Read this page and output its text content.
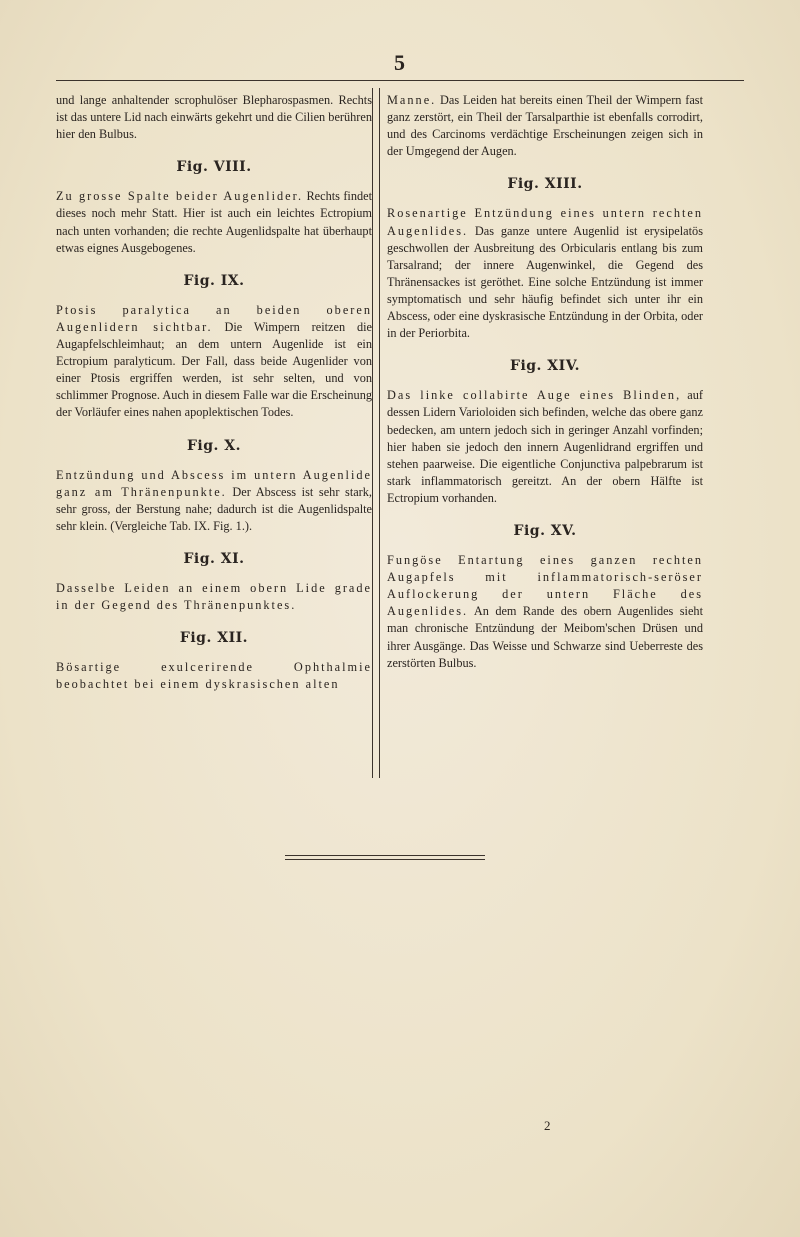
5

und lange anhaltender scrophulöser Blepharospasmen. Rechts ist das untere Lid nach einwärts gekehrt und die Cilien berühren hier den Bulbus.

Fig. VIII.

Zu grosse Spalte beider Augenlider. Rechts findet dieses noch mehr Statt. Hier ist auch ein leichtes Ectropium nach unten vorhanden; die rechte Augenlidspalte hat überhaupt etwas eignes Ausgebogenes.

Fig. IX.

Ptosis paralytica an beiden oberen Augenlidern sichtbar. Die Wimpern reitzen die Augapfelschleimhaut; an dem untern Augenlide ist ein Ectropium paralyticum. Der Fall, dass beide Augenlider von einer Ptosis ergriffen werden, ist sehr selten, und von schlimmer Prognose. Auch in diesem Falle war die Erscheinung der Vorläufer eines nahen apoplektischen Todes.

Fig. X.

Entzündung und Abscess im untern Augenlide ganz am Thränenpunkte. Der Abscess ist sehr stark, sehr gross, der Berstung nahe; dadurch ist die Augenlidspalte sehr klein. (Vergleiche Tab. IX. Fig. 1.).

Fig. XI.

Dasselbe Leiden an einem obern Lide grade in der Gegend des Thränenpunktes.

Fig. XII.

Bösartige exulcerirende Ophthalmie beobachtet bei einem dyskrasischen alten

Manne. Das Leiden hat bereits einen Theil der Wimpern fast ganz zerstört, ein Theil der Tarsalparthie ist ebenfalls corrodirt, und des Carcinoms verdächtige Erscheinungen zeigen sich in der Umgegend der Augen.

Fig. XIII.

Rosenartige Entzündung eines untern rechten Augenlides. Das ganze untere Augenlid ist erysipelatös geschwollen der Ausbreitung des Orbicularis entlang bis zum Tarsalrand; der innere Augenwinkel, die Gegend des Thränensackes ist geröthet. Eine solche Entzündung ist immer symptomatisch und sehr häufig befindet sich unter ihr ein Abscess, oder eine dyskrasische Entzündung in der Orbita, oder in der Periorbita.

Fig. XIV.

Das linke collabirte Auge eines Blinden, auf dessen Lidern Varioloiden sich befinden, welche das obere ganz bedecken, am untern jedoch sich in geringer Anzahl vorfinden; hier haben sie jedoch den innern Augenlidrand ergriffen und stehen paarweise. Die eigentliche Conjunctiva palpebrarum ist stark inflammatorisch gereitzt. An der obern Hälfte ist Ectropium vorhanden.

Fig. XV.

Fungöse Entartung eines ganzen rechten Augapfels mit inflammatorisch-seröser Auflockerung der untern Fläche des Augenlides. An dem Rande des obern Augenlides sieht man chronische Entzündung der Meibom'schen Drüsen und ihrer Ausgänge. Das Weisse und Schwarze sind Ueberreste des zerstörten Bulbus.

2
